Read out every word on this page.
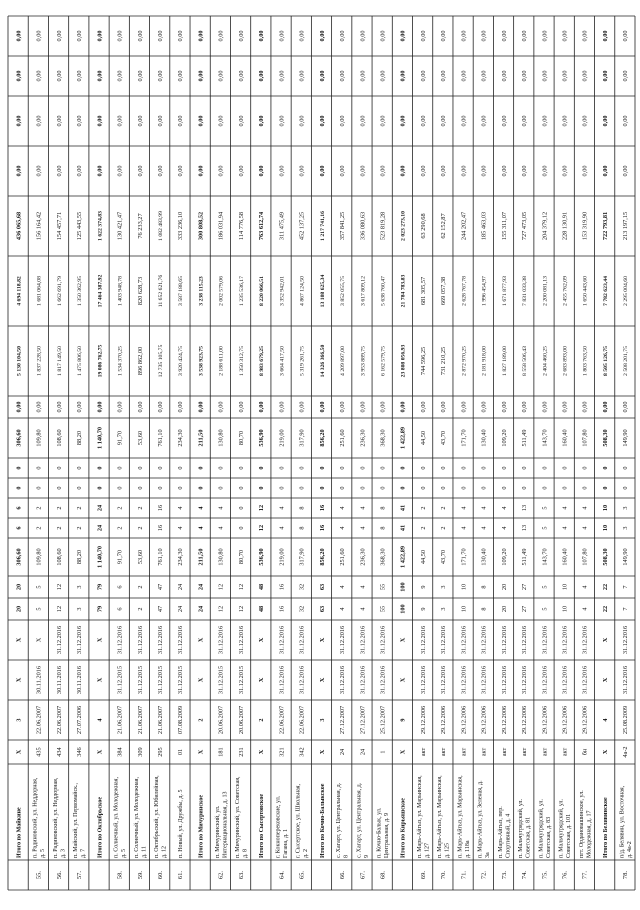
Итого по Майкине
Х
3
Х
Х
20
20
306,60
6
6
0
0
306,60
0,00
5 130 104,50
4 694 118,82
436 065,68
0,00
0,00
0,00
0,00
55.
п. Радиновский, ул. Неддорная, д. 5
435
22.06.2007
30.11.2016
Х
5
5
109,80
2
2
0
0
109,80
0,00
1 837 228,50
1 681 064,08
156 164,42
0,00
0,00
0,00
0,00
56.
п. Радиновский, ул. Неддорная, д. 3
434
22.06.2007
30.11.2016
31.12.2016
12
12
108,60
2
2
0
0
108,60
0,00
1 817 149,50
1 662 691,79
154 457,71
0,00
0,00
0,00
0,00
57.
п. Майский, ул. Первомайск., д. 7
346
27.07.2006
30.11.2016
31.12.2016
3
3
88,20
2
2
0
0
88,20
0,00
1 475 806,50
1 350 362,95
125 443,55
0,00
0,00
0,00
0,00
Итого по Октябрьское
Х
4
Х
Х
79
79
1 140,70
24
24
0
0
1 140,70
0,00
19 086 762,75
17 464 387,92
1 622 374,83
0,00
0,00
0,00
0,00
58.
п. Солнечный, ул. Молодежная, д. 5
384
21.06.2007
31.12.2015
31.12.2016
6
6
91,70
2
2
0
0
91,70
0,00
1 534 370,25
1 403 948,78
130 421,47
0,00
0,00
0,00
0,00
59.
п. Солнечный, ул. Молодежная, д. 11
309
21.06.2007
31.12.2015
31.12.2016
2
2
53,60
2
2
0
0
53,60
0,00
896 862,00
820 628,73
76 233,27
0,00
0,00
0,00
0,00
60.
п. Октябрьский, ул. Юбилейная, д. 12
295
21.06.2007
31.12.2015
31.12.2016
47
47
761,10
16
16
0
0
761,10
0,00
12 735 105,75
11 652 621,76
1 082 483,99
0,00
0,00
0,00
0,00
61.
п. Новый, ул. Дружбы, д. 5
01
07.08.2009
31.12.2015
31.12.2016
24
24
234,30
4
4
0
0
234,30
0,00
3 920 424,75
3 587 188,65
333 236,10
0,00
0,00
0,00
0,00
Итого по Мичуринское
Х
2
Х
Х
24
24
211,50
4
4
0
0
211,50
0,00
3 538 923,75
3 238 115,23
300 808,52
0,00
0,00
0,00
0,00
62.
п. Мичуринский, ул. Интернациональная, д. 13
181
20.06.2007
31.12.2015
31.12.2016
12
12
130,80
4
4
0
0
130,80
0,00
2 188 611,00
2 002 579,06
186 031,94
0,00
0,00
0,00
0,00
63.
п. Мичуринский, ул. Советская, д. 8
231
20.06.2007
31.12.2015
31.12.2016
12
12
80,70
0
0
0
0
80,70
0,00
1 350 312,75
1 235 536,17
114 776,58
0,00
0,00
0,00
0,00
Итого по Сысертовское
Х
2
Х
Х
48
48
536,90
12
12
0
0
536,90
0,00
8 983 679,25
8 220 066,51
763 612,74
0,00
0,00
0,00
0,00
64.
г. Кокноперековские, ул. Гагана, д. 1
321
22.06.2007
31.12.2016
31.12.2016
16
16
219,00
4
4
0
0
219,00
0,00
3 664 417,50
3 352 942,01
311 475,49
0,00
0,00
0,00
0,00
65.
г. Сысертское, ул. Школьная, д. 2
342
22.06.2007
31.12.2016
31.12.2016
32
32
317,90
8
8
0
0
317,90
0,00
5 319 261,75
4 867 124,50
452 137,25
0,00
0,00
0,00
0,00
Итого по Кочно-Балыкское
Х
3
Х
Х
63
63
856,20
16
16
0
0
856,20
0,00
14 326 366,50
13 108 625,34
1 217 741,16
0,00
0,00
0,00
0,00
66.
с. Хагарт, ул. Центральная, д. 8
24
27.12.2007
31.12.2016
31.12.2016
4
4
251,60
4
4
0
0
251,60
0,00
4 209 897,00
3 852 055,75
357 841,25
0,00
0,00
0,00
0,00
67.
с. Хагарт, ул. Центральная, д. 9
24
27.12.2007
31.12.2016
31.12.2016
4
4
236,30
4
4
0
0
236,30
0,00
3 953 889,75
3 617 809,12
336 080,63
0,00
0,00
0,00
0,00
68.
п. Кочно-Балык, ул. Центральная, д. 9
1
25.12.2007
31.12.2016
31.12.2016
55
55
368,30
8
8
0
0
368,30
0,00
6 162 579,75
5 638 760,47
523 819,28
0,00
0,00
0,00
0,00
Итого по Кирьяшское
Х
9
Х
Х
100
100
1 422,89
41
41
0
0
1 422,89
0,00
23 808 056,93
21 784 783,83
2 023 273,10
0,00
0,00
0,00
0,00
69.
п. Марь-Айгыз, ул. Марьинская, д. 127
акт
29.12.2006
31.12.2016
31.12.2016
9
9
44,50
2
2
0
0
44,50
0,00
744 596,25
681 305,57
63 290,68
0,00
0,00
0,00
0,00
70.
п. Марь-Айгыз, ул. Марьинская, д. 125
акт
29.12.2006
31.12.2016
31.12.2016
3
3
43,70
2
2
0
0
43,70
0,00
731 210,25
669 057,38
62 152,87
0,00
0,00
0,00
0,00
71.
п. Марь-Айгыз, ул. Марьинская, д. 118а
акт
29.12.2006
31.12.2016
31.12.2016
10
10
171,70
4
4
0
0
171,70
0,00
2 872 970,25
2 628 767,78
244 202,47
0,00
0,00
0,00
0,00
72.
п. Марь-Айгыз, ул. Зеленая, д. 3а
акт
29.12.2006
31.12.2016
31.12.2016
8
8
130,40
4
4
0
0
130,40
0,00
2 181 918,00
1 996 454,97
185 463,03
0,00
0,00
0,00
0,00
73.
п. Марь-Айгыз, пер. Спортивный, д. 4
акт
29.12.2006
31.12.2016
31.12.2016
20
20
109,20
4
4
0
0
109,20
0,00
1 827 189,00
1 671 877,93
155 311,07
0,00
0,00
0,00
0,00
74.
п. Мальчугрядский, ул. Советская, д. 81
акт
29.12.2006
31.12.2016
31.12.2016
27
27
511,49
13
13
0
0
511,49
0,00
8 558 506,43
7 831 033,38
727 473,05
0,00
0,00
0,00
0,00
75.
п. Мальчугрядский, ул. Советская, д. 83
акт
29.12.2006
31.12.2016
31.12.2016
5
5
143,70
5
5
0
0
143,70
0,00
2 404 460,25
2 200 081,13
204 379,12
0,00
0,00
0,00
0,00
76.
п. Мальчугрядский, ул. Советская, д. 101
акт
29.12.2006
31.12.2016
31.12.2016
10
10
160,40
4
4
0
0
160,40
0,00
2 683 893,00
2 455 762,09
228 130,91
0,00
0,00
0,00
0,00
77.
пгт. Ордановашинское, ул. Молодежная, д. 17
бн
29.12.2006
31.12.2016
31.12.2016
4
4
107,80
4
4
0
0
107,80
0,00
1 803 763,50
1 650 443,60
153 319,90
0,00
0,00
0,00
0,00
Итого по Белявинское
Х
4
Х
Х
22
22
508,30
10
10
0
0
508,30
0,00
8 505 126,75
7 782 623,44
722 793,81
0,00
0,00
0,00
0,00
78.
п/д. Белявин, ул. Восточная, д. 4а-2
4а-2
25.08.2009
31.12.2016
31.12.2016
7
7
149,90
3
3
0
0
149,90
0,00
2 508 201,75
2 295 004,60
213 197,15
0,00
0,00
0,00
0,00
